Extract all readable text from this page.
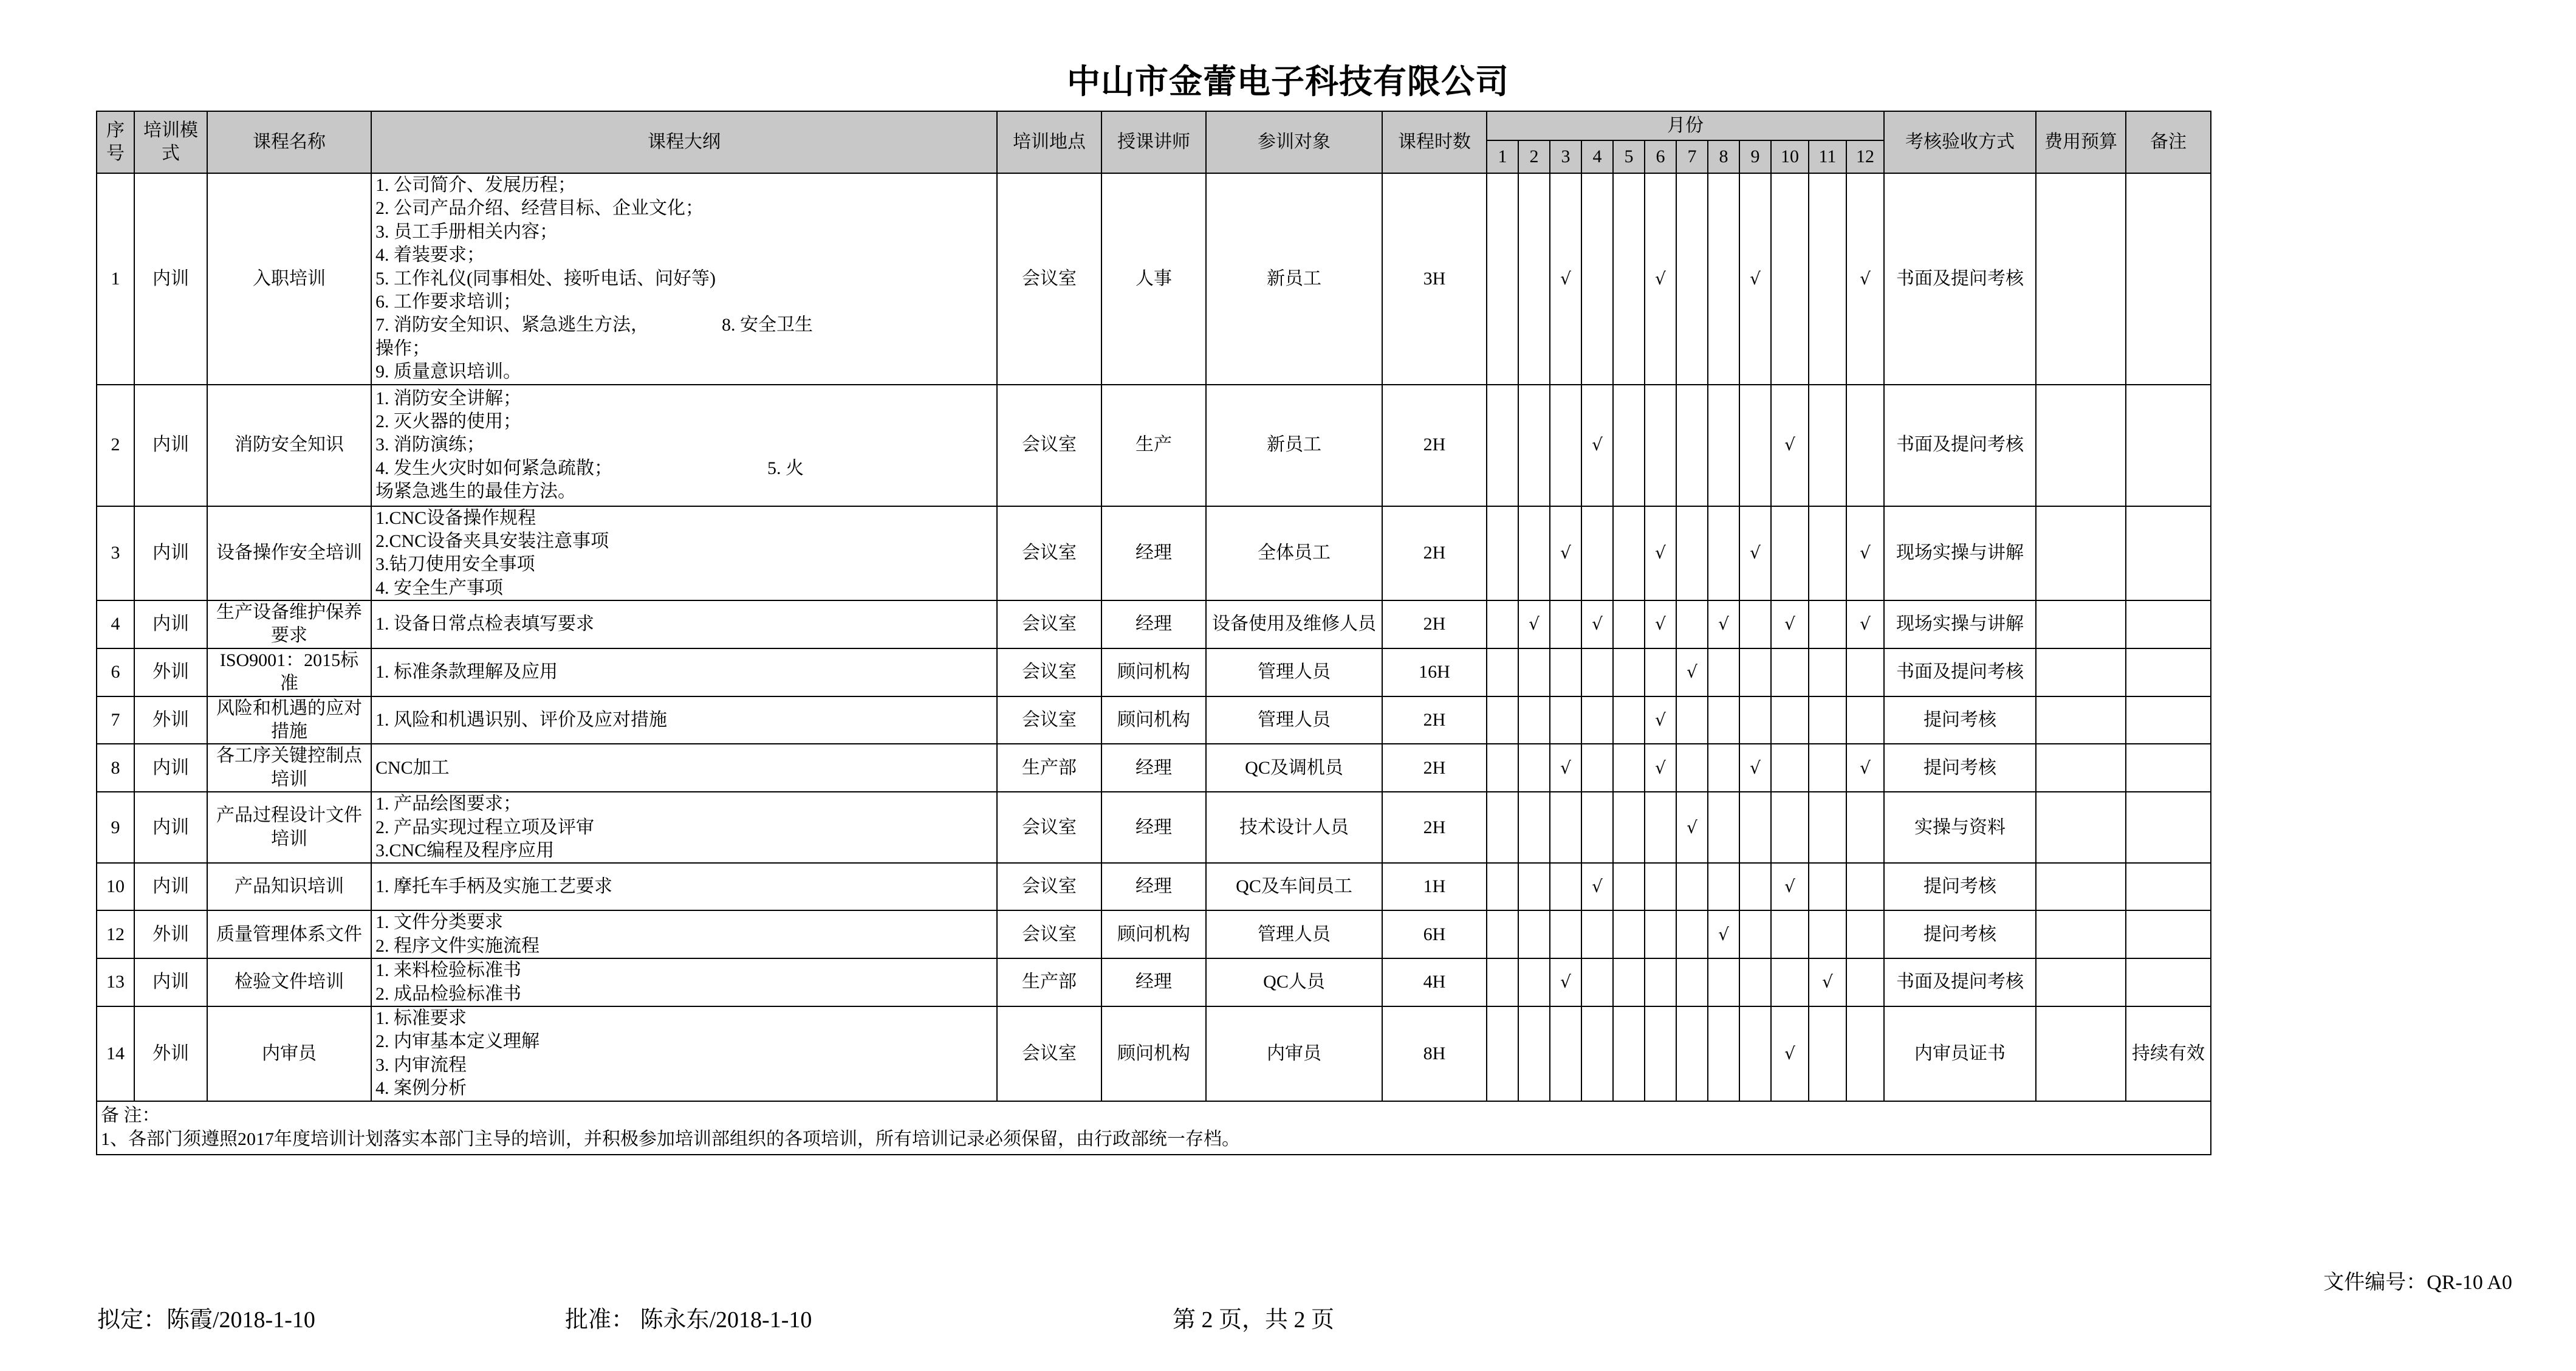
中山市金蕾电子科技有限公司
序号	培训模式	课程名称	课程大纲	培训地点	授课讲师	参训对象	课程时数	月份												考核验收方式	费用预算	备注
								1	2	3	4	5	6	7	8	9	10	11	12			
1	内训	入职培训	
1. 公司简介、发展历程；
2. 公司产品介绍、经营目标、企业文化；
3. 员工手册相关内容；
4. 着装要求；
5. 工作礼仪(同事相处、接听电话、问好等)
6. 工作要求培训；
7. 消防安全知识、紧急逃生方法，                8. 安全卫生
操作；
9. 质量意识培训。
	会议室	人事	新员工	3H			√			√			√			√	书面及提问考核		
2	内训	消防安全知识	1. 消防安全讲解；
2. 灭火器的使用；
3. 消防演练；
4. 发生火灾时如何紧急疏散；                                  5. 火
场紧急逃生的最佳方法。	会议室	生产	新员工	2H				√						√			书面及提问考核		
3	内训	设备操作安全培训	1.CNC设备操作规程
2.CNC设备夹具安装注意事项
3.钻刀使用安全事项
4. 安全生产事项	会议室	经理	全体员工	2H			√			√			√			√	现场实操与讲解		
4	内训	生产设备维护保养要求	1. 设备日常点检表填写要求	会议室	经理	设备使用及维修人员	2H		√		√		√		√		√		√	现场实操与讲解		
6	外训	ISO9001：2015标准	1. 标准条款理解及应用	会议室	顾问机构	管理人员	16H							√						书面及提问考核		
7	外训	风险和机遇的应对措施	1. 风险和机遇识别、评价及应对措施	会议室	顾问机构	管理人员	2H						√							提问考核		
8	内训	各工序关键控制点培训	CNC加工	生产部	经理	QC及调机员	2H			√			√			√			√	提问考核		
9	内训	产品过程设计文件培训	1. 产品绘图要求；
2. 产品实现过程立项及评审
3.CNC编程及程序应用	会议室	经理	技术设计人员	2H							√						实操与资料		
10	内训	产品知识培训	1. 摩托车手柄及实施工艺要求	会议室	经理	QC及车间员工	1H				√						√			提问考核		
12	外训	质量管理体系文件	1. 文件分类要求
2. 程序文件实施流程	会议室	顾问机构	管理人员	6H								√					提问考核		
13	内训	检验文件培训	1. 来料检验标准书
2. 成品检验标准书	生产部	经理	QC人员	4H			√								√		书面及提问考核		
14	外训	内审员	1. 标准要求
2. 内审基本定义理解
3. 内审流程
4. 案例分析	会议室	顾问机构	内审员	8H										√			内审员证书		持续有效

备 注：
1、各部门须遵照2017年度培训计划落实本部门主导的培训，并积极参加培训部组织的各项培训，所有培训记录必须保留，由行政部统一存档。																						
文件编号：QR-10 A0
拟定：陈霞/2018-1-10	批准： 陈永东/2018-1-10	第 2 页，共 2 页
